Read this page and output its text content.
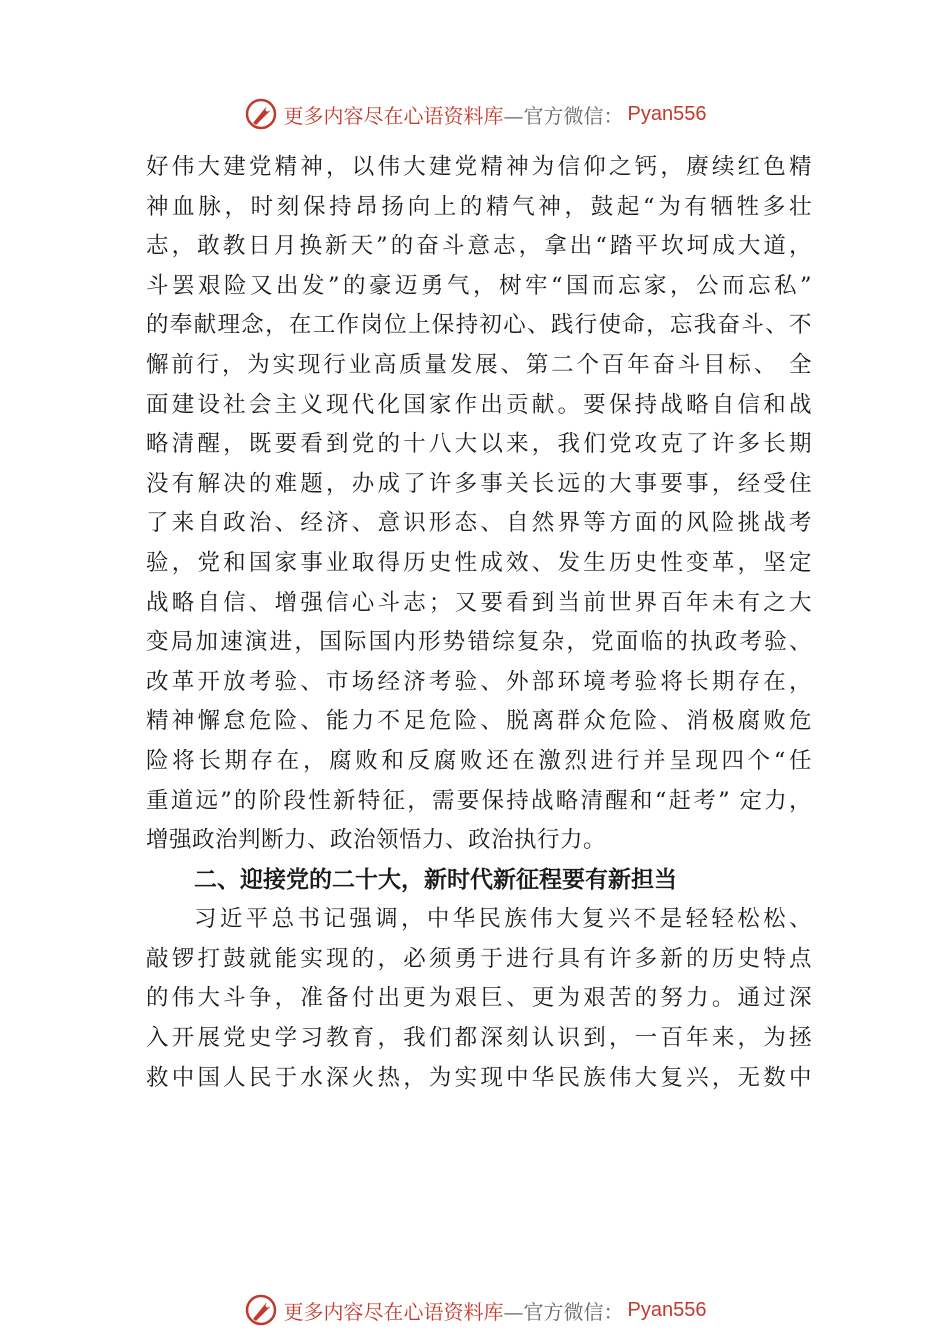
更多内容尽在心语资料库 —官方微信： Pyan556
好伟大建党精神，以伟大建党精神为信仰之钙，赓续红色精
神血脉，时刻保持昂扬向上的精气神，鼓起“为有牺牲多壮
志，敢教日月换新天”的奋斗意志，拿出“踏平坎坷成大道，
斗罢艰险又出发”的豪迈勇气，树牢“国而忘家，公而忘私”
的奉献理念，在工作岗位上保持初心、践行使命，忘我奋斗、不
懈前行，为实现行业高质量发展、第二个百年奋斗目标、 全
面建设社会主义现代化国家作出贡献。要保持战略自信和战
略清醒，既要看到党的十八大以来，我们党攻克了许多长期
没有解决的难题，办成了许多事关长远的大事要事，经受住
了来自政治、经济、意识形态、自然界等方面的风险挑战考
验，党和国家事业取得历史性成效、发生历史性变革，坚定
战略自信、增强信心斗志；又要看到当前世界百年未有之大
变局加速演进，国际国内形势错综复杂，党面临的执政考验、
改革开放考验、市场经济考验、外部环境考验将长期存在，
精神懈怠危险、能力不足危险、脱离群众危险、消极腐败危
险将长期存在，腐败和反腐败还在激烈进行并呈现四个“任
重道远”的阶段性新特征，需要保持战略清醒和“赶考” 定力，
增强政治判断力、政治领悟力、政治执行力。
二、迎接党的二十大，新时代新征程要有新担当
习近平总书记强调，中华民族伟大复兴不是轻轻松松、
敲锣打鼓就能实现的，必须勇于进行具有许多新的历史特点
的伟大斗争，准备付出更为艰巨、更为艰苦的努力。通过深
入开展党史学习教育，我们都深刻认识到，一百年来，为拯
救中国人民于水深火热，为实现中华民族伟大复兴，无数中
更多内容尽在心语资料库 —官方微信： Pyan556
